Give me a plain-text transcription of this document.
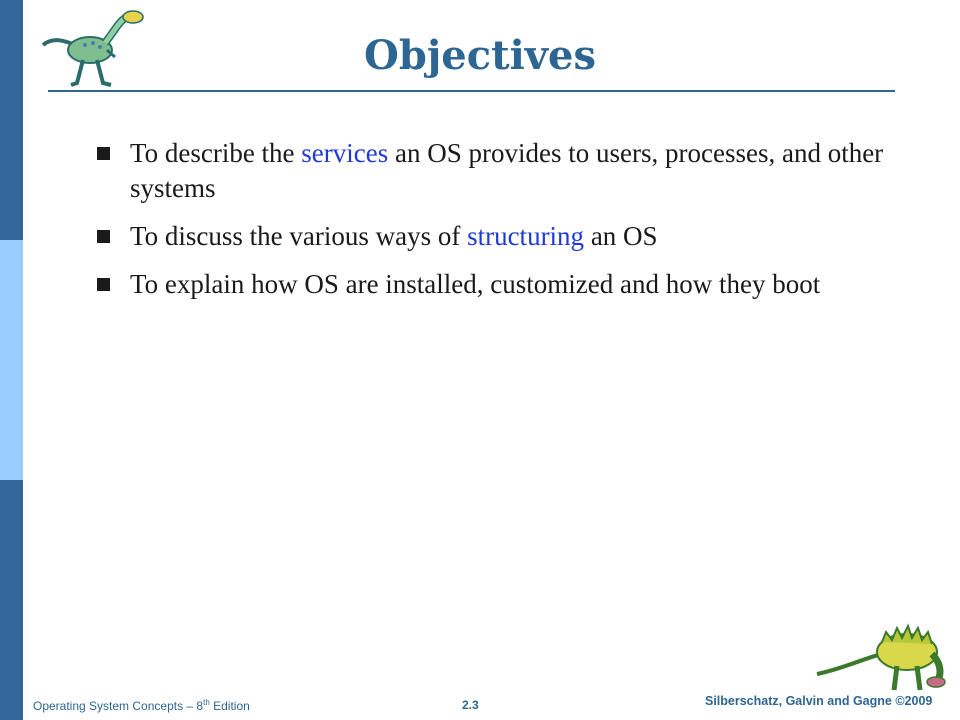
Objectives
To describe the services an OS provides to users, processes, and other systems
To discuss the various ways of structuring an OS
To explain how OS are installed, customized and how they boot
Operating System Concepts – 8th Edition	2.3	Silberschatz, Galvin and Gagne ©2009
